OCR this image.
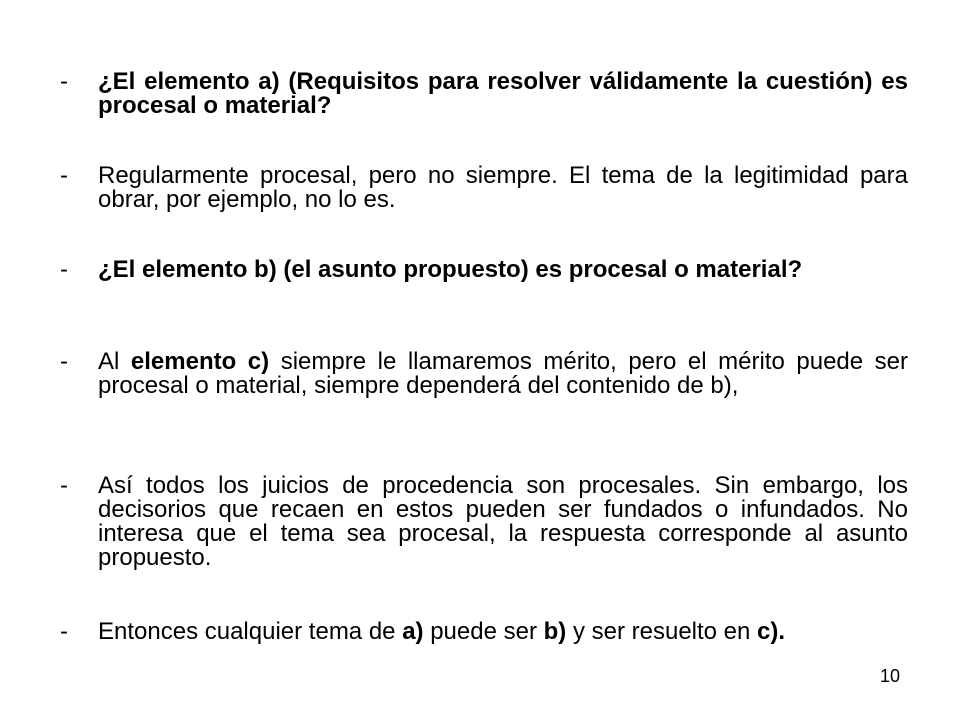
-	¿El elemento a) (Requisitos para resolver válidamente la cuestión) es procesal o material?
-	Regularmente procesal, pero no siempre. El tema de la legitimidad para obrar, por ejemplo, no lo es.
-	¿El elemento b) (el asunto propuesto) es procesal o material?
-	Al elemento c) siempre le llamaremos mérito, pero el mérito puede ser procesal o material, siempre dependerá del contenido de b),
-	Así todos los juicios de procedencia son procesales. Sin embargo, los decisorios que recaen en estos pueden ser fundados o infundados. No interesa que el tema sea procesal, la respuesta corresponde al asunto propuesto.
-	Entonces cualquier tema de a) puede ser b) y ser resuelto en c).
10
